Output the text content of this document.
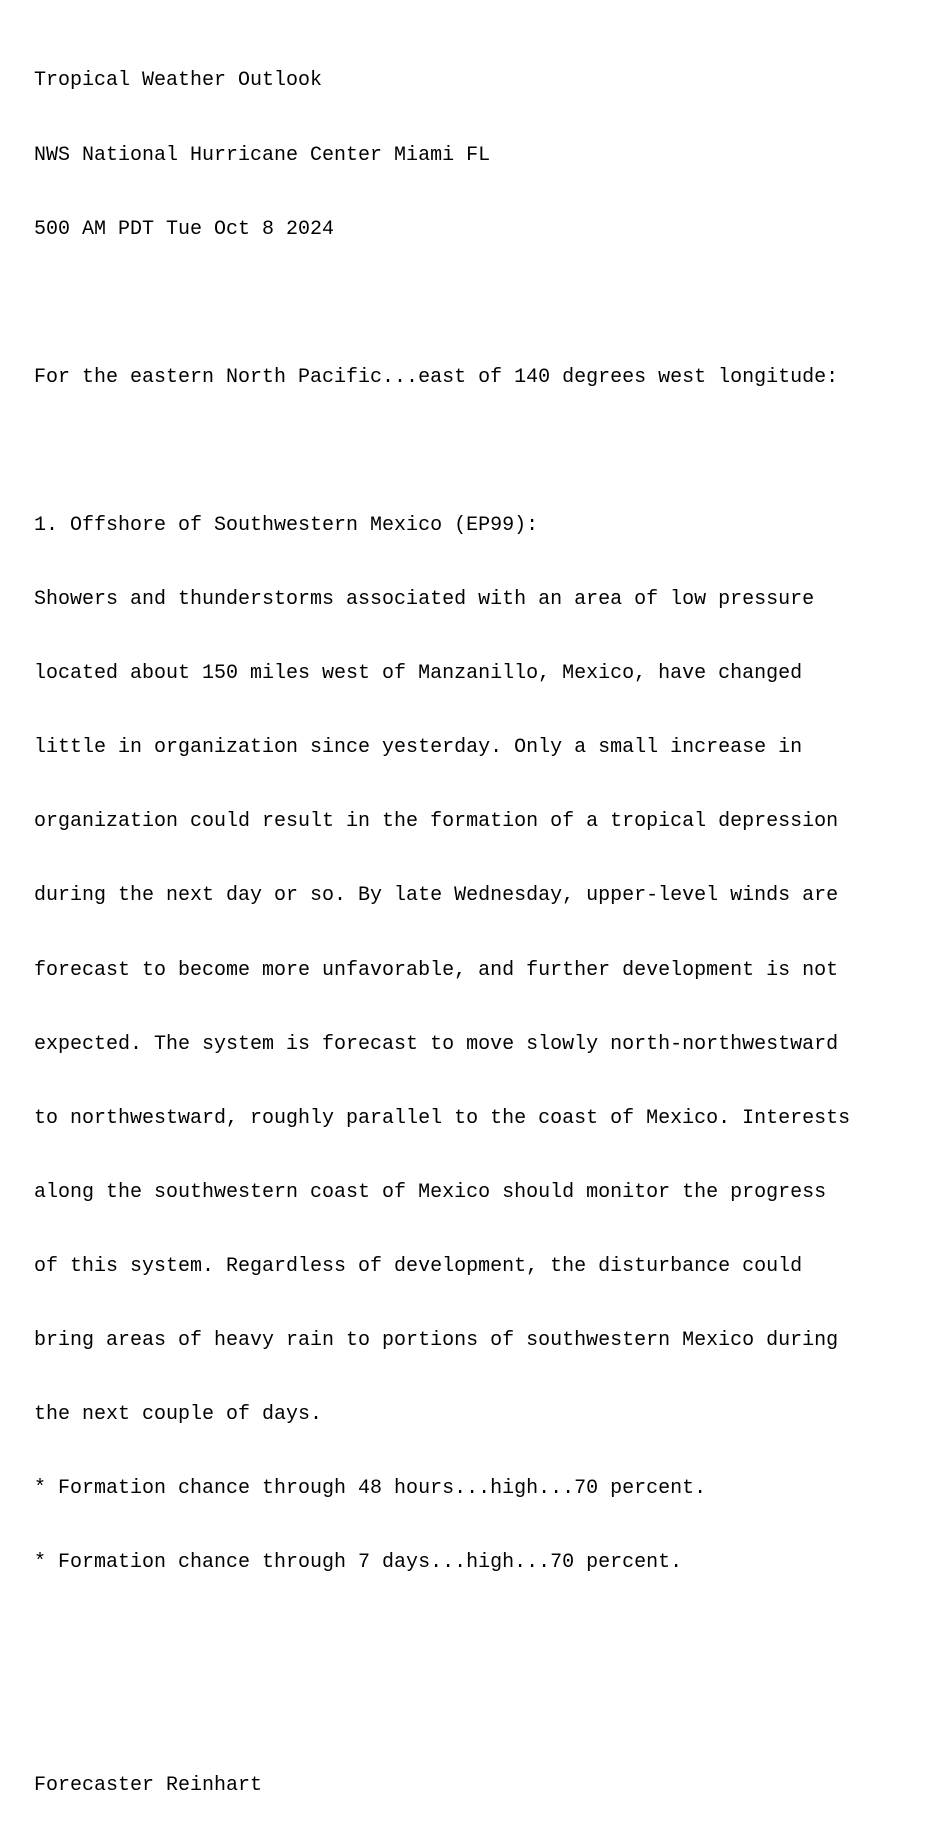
Tropical Weather Outlook

NWS National Hurricane Center Miami FL

500 AM PDT Tue Oct 8 2024

For the eastern North Pacific...east of 140 degrees west longitude:

1. Offshore of Southwestern Mexico (EP99):

Showers and thunderstorms associated with an area of low pressure

located about 150 miles west of Manzanillo, Mexico, have changed

little in organization since yesterday. Only a small increase in

organization could result in the formation of a tropical depression

during the next day or so. By late Wednesday, upper-level winds are

forecast to become more unfavorable, and further development is not

expected. The system is forecast to move slowly north-northwestward

to northwestward, roughly parallel to the coast of Mexico. Interests

along the southwestern coast of Mexico should monitor the progress

of this system. Regardless of development, the disturbance could

bring areas of heavy rain to portions of southwestern Mexico during

the next couple of days.

* Formation chance through 48 hours...high...70 percent.

* Formation chance through 7 days...high...70 percent.

Forecaster Reinhart
